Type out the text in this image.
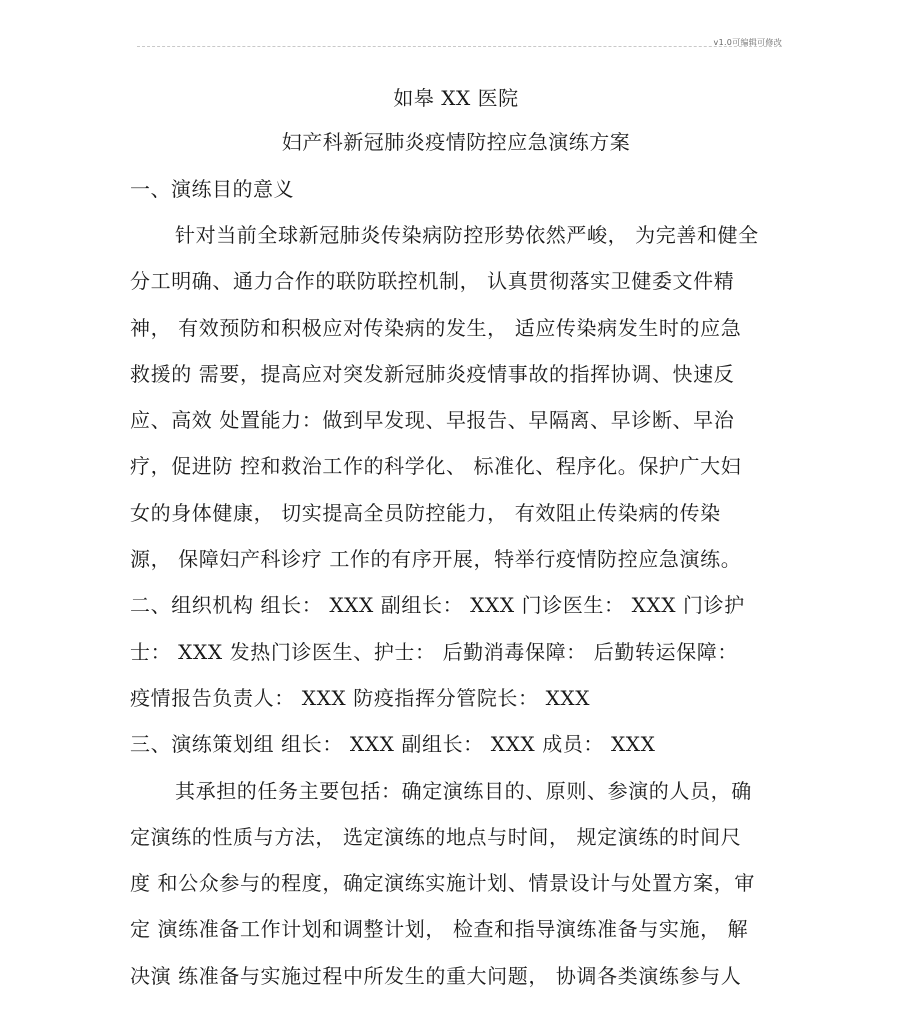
v1.0可编辑可修改
如皋 XX 医院
妇产科新冠肺炎疫情防控应急演练方案
一、演练目的意义
针对当前全球新冠肺炎传染病防控形势依然严峻， 为完善和健全
分工明确、通力合作的联防联控机制， 认真贯彻落实卫健委文件精
神， 有效预防和积极应对传染病的发生， 适应传染病发生时的应急
救援的 需要，提高应对突发新冠肺炎疫情事故的指挥协调、快速反
应、高效 处置能力：做到早发现、早报告、早隔离、早诊断、早治
疗，促进防 控和救治工作的科学化、 标准化、程序化。保护广大妇
女的身体健康， 切实提高全员防控能力， 有效阻止传染病的传染
源， 保障妇产科诊疗 工作的有序开展，特举行疫情防控应急演练。
二、组织机构 组长： XXX 副组长： XXX 门诊医生： XXX 门诊护
士： XXX 发热门诊医生、护士： 后勤消毒保障： 后勤转运保障：
疫情报告负责人： XXX 防疫指挥分管院长： XXX
三、演练策划组 组长： XXX 副组长： XXX 成员： XXX
其承担的任务主要包括：确定演练目的、原则、参演的人员，确
定演练的性质与方法， 选定演练的地点与时间， 规定演练的时间尺
度 和公众参与的程度，确定演练实施计划、情景设计与处置方案，审
定 演练准备工作计划和调整计划， 检查和指导演练准备与实施， 解
决演 练准备与实施过程中所发生的重大问题， 协调各类演练参与人
